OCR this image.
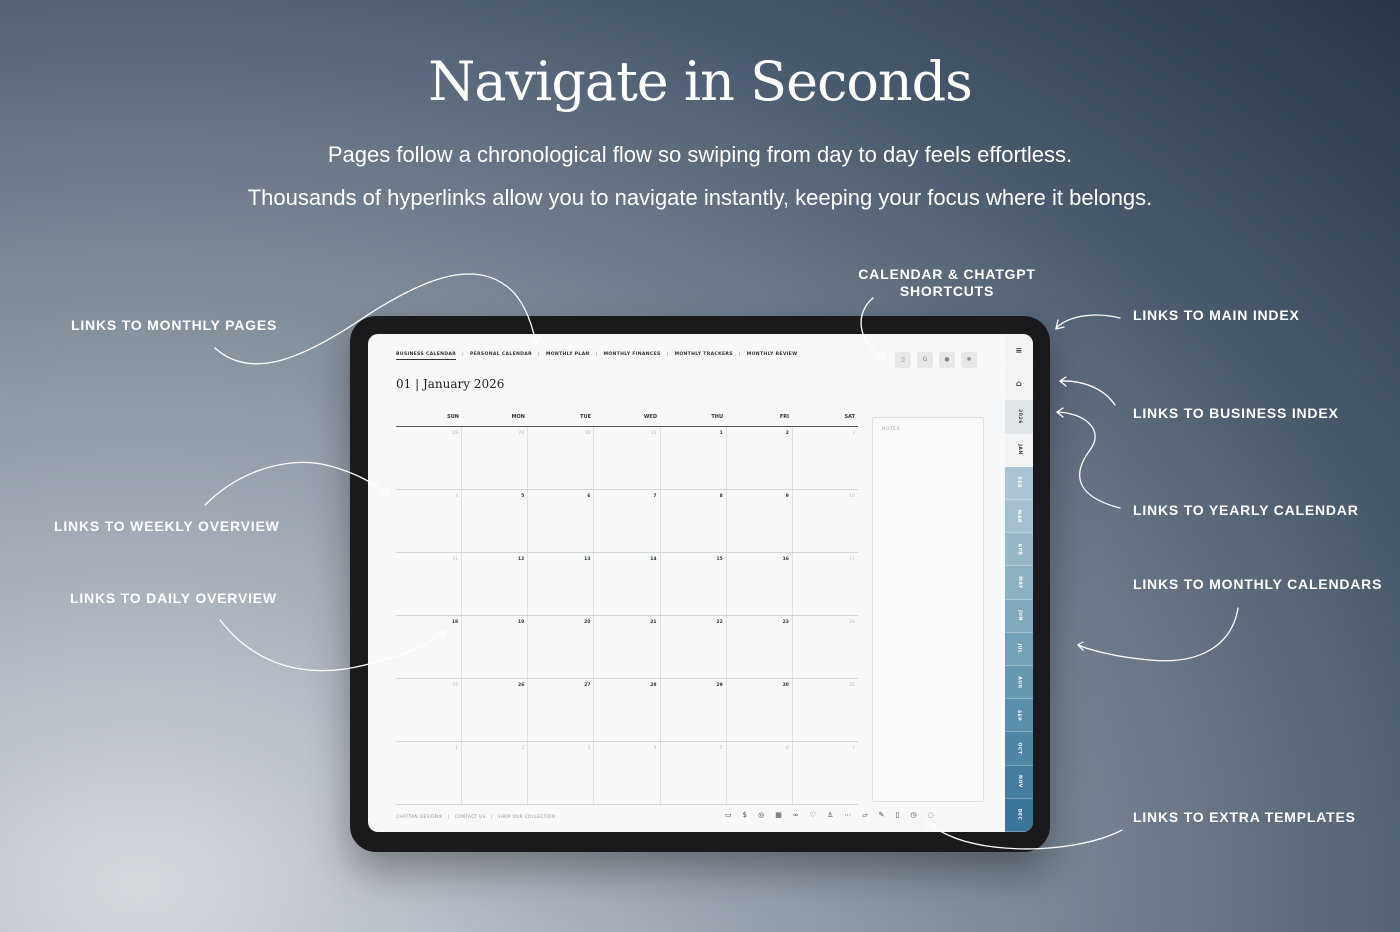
Navigate in Seconds
Pages follow a chronological flow so swiping from day to day feels effortless.
Thousands of hyperlinks allow you to navigate instantly, keeping your focus where it belongs.
BUSINESS CALENDAR | PERSONAL CALENDAR | MONTHLY PLAN | MONTHLY FINANCES | MONTHLY TRACKERS | MONTHLY REVIEW
▯	G	●	✺
01 | January 2026
SUN	MON	TUE	WED	THU	FRI	SAT
28	29	30	31	1	2	3
4	5	6	7	8	9	10
11	12	13	14	15	16	17
18	19	20	21	22	23	24
25	26	27	28	29	30	31
1	2	3	4	5	6	7
NOTES
CHATTAN DESIGN® | CONTACT US | SHOP OUR COLLECTION	▭ $ ◎ ▦ ∞ ♡ ♙ ⋯ ▱ ✎ ▯ ◷ ◌
≡
⌂
2026
JAN
FEB
MAR
APR
MAY
JUN
JUL
AUG
SEP
OCT
NOV
DEC
LINKS TO MONTHLY PAGES
LINKS TO WEEKLY OVERVIEW
LINKS TO DAILY OVERVIEW
CALENDAR & CHATGPT
SHORTCUTS
LINKS TO MAIN INDEX
LINKS TO BUSINESS INDEX
LINKS TO YEARLY CALENDAR
LINKS TO MONTHLY CALENDARS
LINKS TO EXTRA TEMPLATES
